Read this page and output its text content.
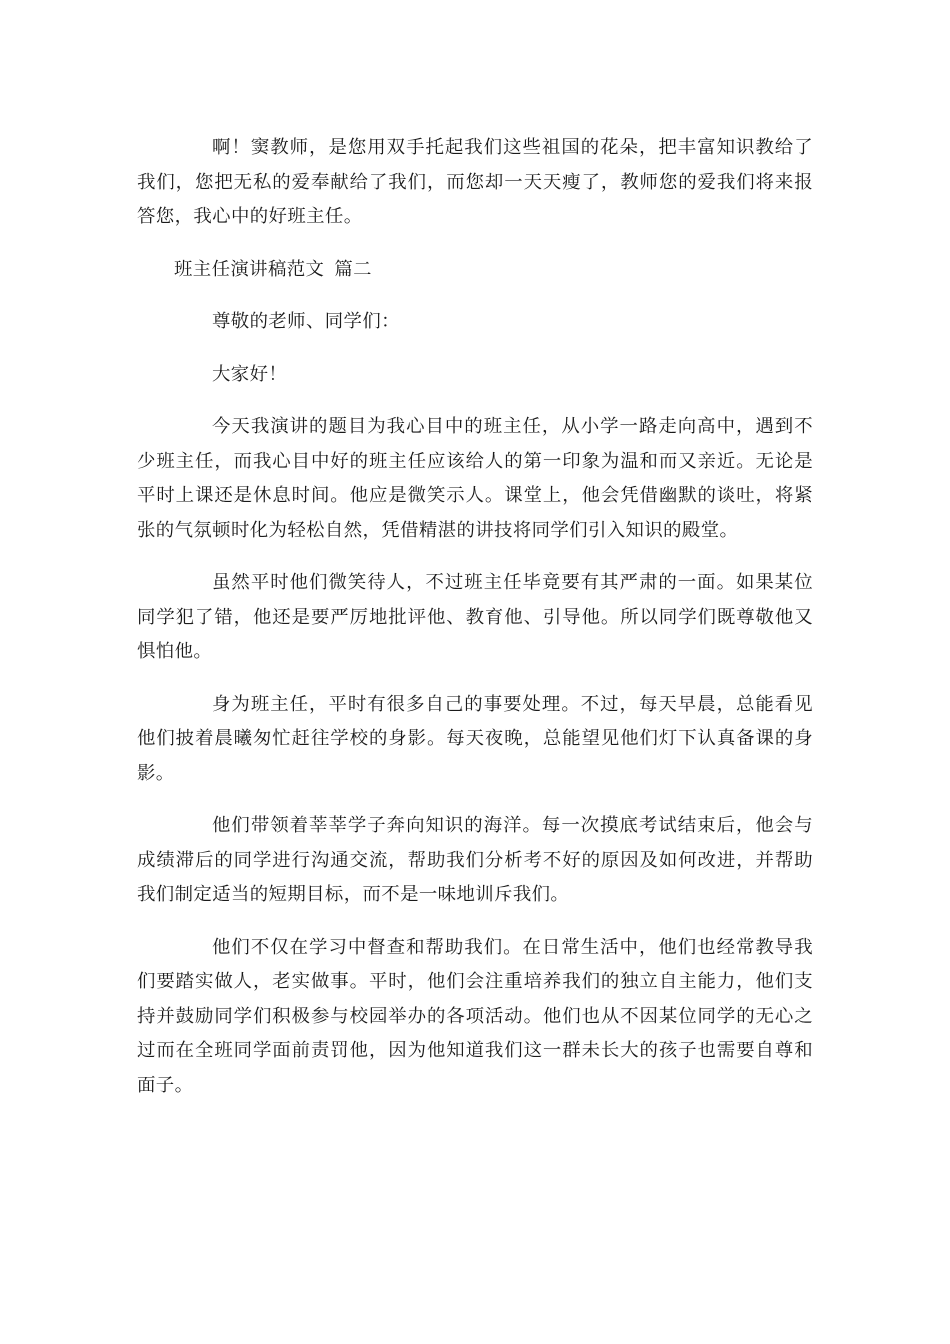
啊！窦教师，是您用双手托起我们这些祖国的花朵，把丰富知识教给了我们，您把无私的爱奉献给了我们，而您却一天天瘦了，教师您的爱我们将来报答您，我心中的好班主任。

班主任演讲稿范文 篇二

尊敬的老师、同学们：

大家好！

今天我演讲的题目为我心目中的班主任，从小学一路走向高中，遇到不少班主任，而我心目中好的班主任应该给人的第一印象为温和而又亲近。无论是平时上课还是休息时间。他应是微笑示人。课堂上，他会凭借幽默的谈吐，将紧张的气氛顿时化为轻松自然，凭借精湛的讲技将同学们引入知识的殿堂。

虽然平时他们微笑待人，不过班主任毕竟要有其严肃的一面。如果某位同学犯了错，他还是要严厉地批评他、教育他、引导他。所以同学们既尊敬他又惧怕他。

身为班主任，平时有很多自己的事要处理。不过，每天早晨，总能看见他们披着晨曦匆忙赶往学校的身影。每天夜晚，总能望见他们灯下认真备课的身影。

他们带领着莘莘学子奔向知识的海洋。每一次摸底考试结束后，他会与成绩滞后的同学进行沟通交流，帮助我们分析考不好的原因及如何改进，并帮助我们制定适当的短期目标，而不是一味地训斥我们。

他们不仅在学习中督查和帮助我们。在日常生活中，他们也经常教导我们要踏实做人，老实做事。平时，他们会注重培养我们的独立自主能力，他们支持并鼓励同学们积极参与校园举办的各项活动。他们也从不因某位同学的无心之过而在全班同学面前责罚他，因为他知道我们这一群未长大的孩子也需要自尊和面子。
